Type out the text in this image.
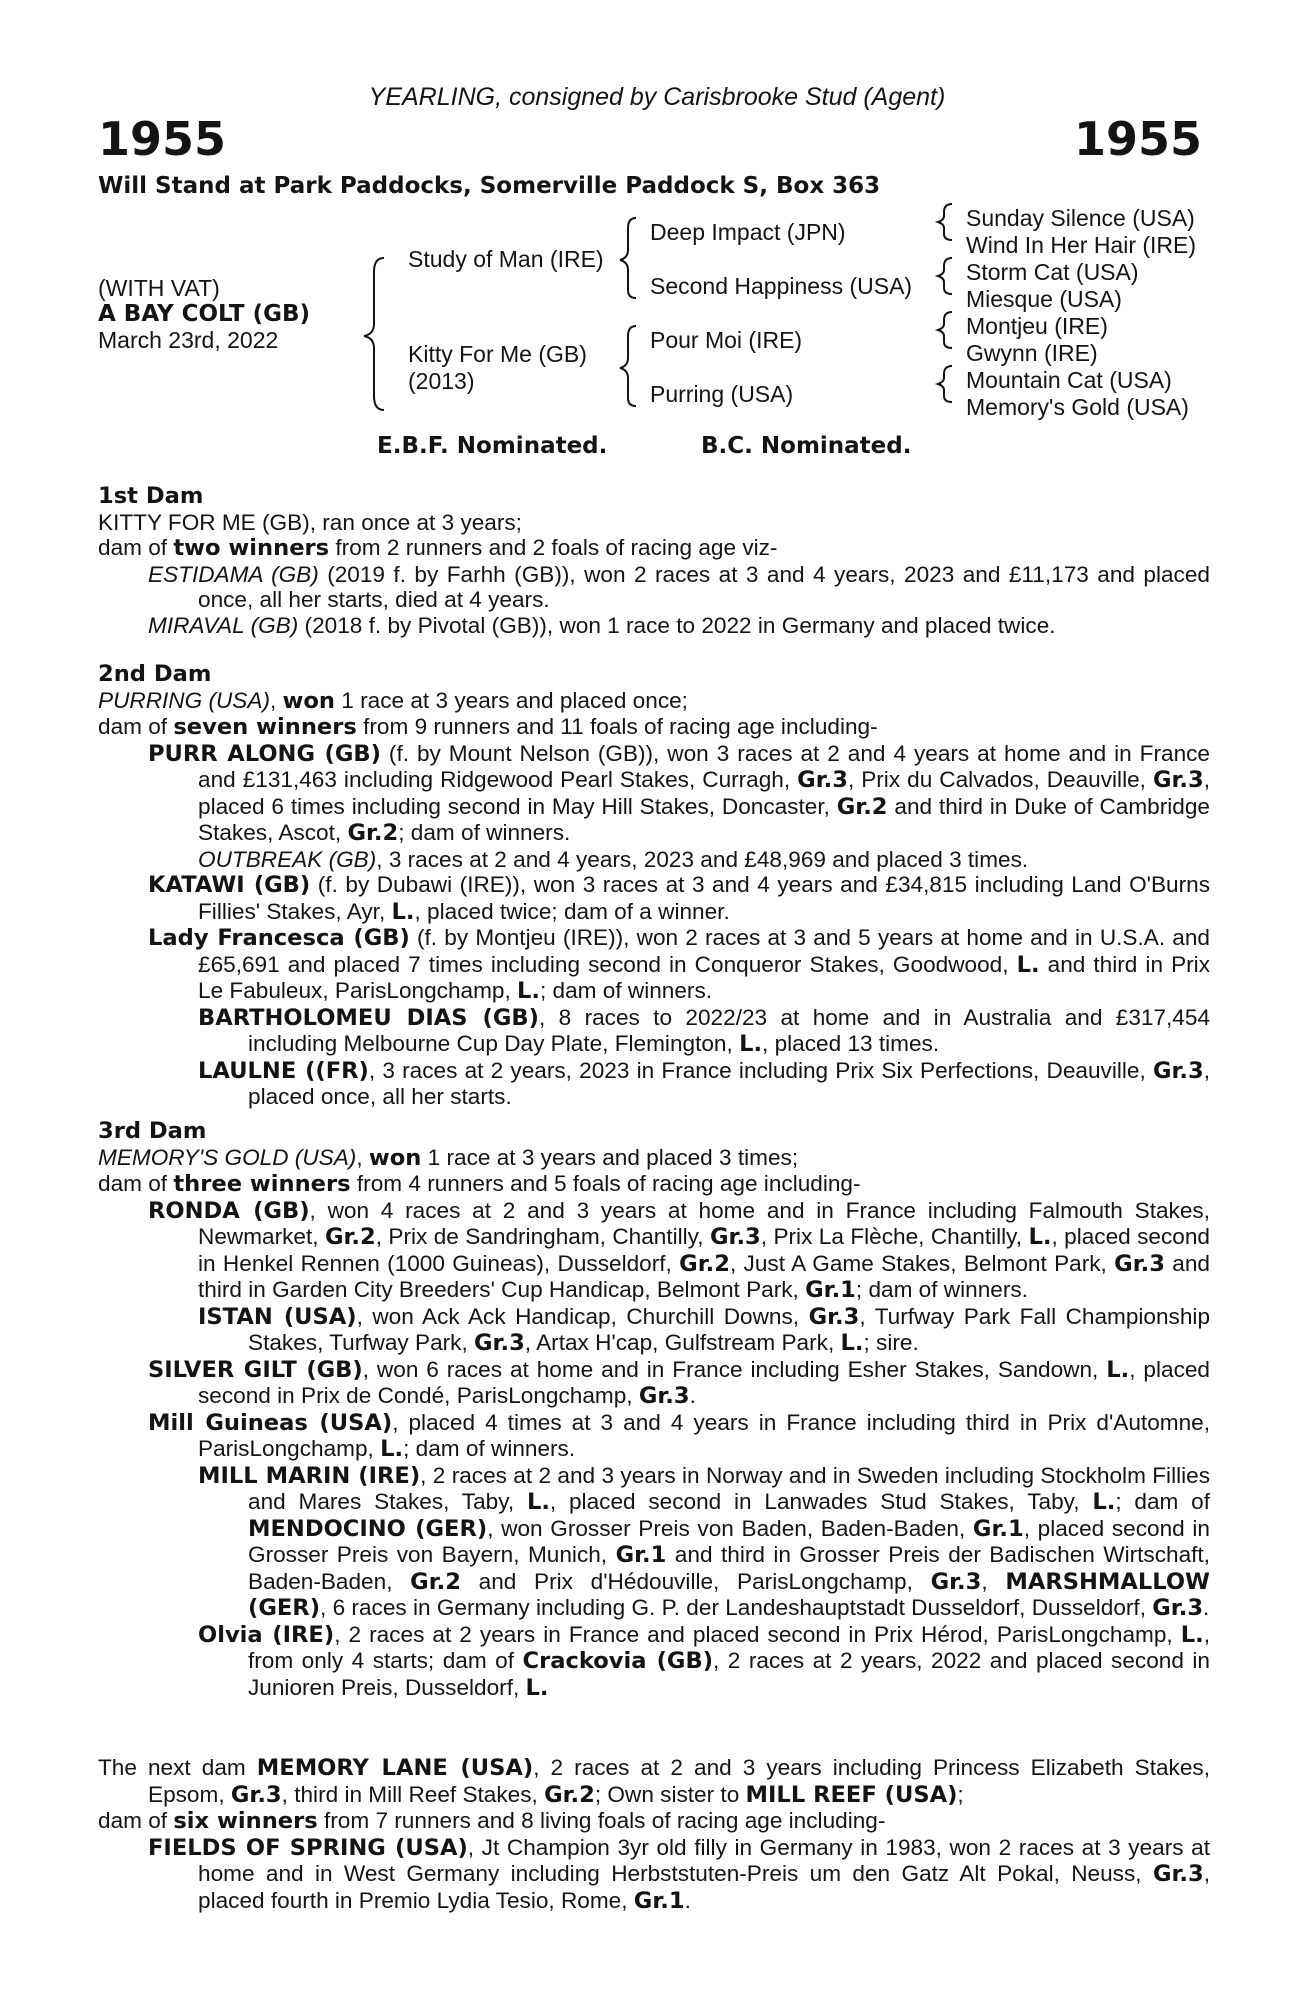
YEARLING, consigned by Carisbrooke Stud (Agent)
1955	1955
Will Stand at Park Paddocks, Somerville Paddock S, Box 363
(WITH VAT)
A BAY COLT (GB)
March 23rd, 2022
Study of Man (IRE)
Kitty For Me (GB)
(2013)
Deep Impact (JPN)
Second Happiness (USA)
Pour Moi (IRE)
Purring (USA)
Sunday Silence (USA)
Wind In Her Hair (IRE)
Storm Cat (USA)
Miesque (USA)
Montjeu (IRE)
Gwynn (IRE)
Mountain Cat (USA)
Memory's Gold (USA)
E.B.F. Nominated.	B.C. Nominated.

1st Dam

KITTY FOR ME (GB), ran once at 3 years;

dam of two winners from 2 runners and 2 foals of racing age viz-

ESTIDAMA (GB) (2019 f. by Farhh (GB)), won 2 races at 3 and 4 years, 2023 and £11,173 and placed once, all her starts, died at 4 years.

MIRAVAL (GB) (2018 f. by Pivotal (GB)), won 1 race to 2022 in Germany and placed twice.

2nd Dam

PURRING (USA), won 1 race at 3 years and placed once;

dam of seven winners from 9 runners and 11 foals of racing age including-

PURR ALONG (GB) (f. by Mount Nelson (GB)), won 3 races at 2 and 4 years at home and in France and £131,463 including Ridgewood Pearl Stakes, Curragh, Gr.3, Prix du Calvados, Deauville, Gr.3, placed 6 times including second in May Hill Stakes, Doncaster, Gr.2 and third in Duke of Cambridge Stakes, Ascot, Gr.2; dam of winners.

OUTBREAK (GB), 3 races at 2 and 4 years, 2023 and £48,969 and placed 3 times.

KATAWI (GB) (f. by Dubawi (IRE)), won 3 races at 3 and 4 years and £34,815 including Land O'Burns Fillies' Stakes, Ayr, L., placed twice; dam of a winner.

Lady Francesca (GB) (f. by Montjeu (IRE)), won 2 races at 3 and 5 years at home and in U.S.A. and £65,691 and placed 7 times including second in Conqueror Stakes, Goodwood, L. and third in Prix Le Fabuleux, ParisLongchamp, L.; dam of winners.

BARTHOLOMEU DIAS (GB), 8 races to 2022/23 at home and in Australia and £317,454 including Melbourne Cup Day Plate, Flemington, L., placed 13 times.

LAULNE ((FR), 3 races at 2 years, 2023 in France including Prix Six Perfections, Deauville, Gr.3, placed once, all her starts.

3rd Dam

MEMORY'S GOLD (USA), won 1 race at 3 years and placed 3 times;

dam of three winners from 4 runners and 5 foals of racing age including-

RONDA (GB), won 4 races at 2 and 3 years at home and in France including Falmouth Stakes, Newmarket, Gr.2, Prix de Sandringham, Chantilly, Gr.3, Prix La Flèche, Chantilly, L., placed second in Henkel Rennen (1000 Guineas), Dusseldorf, Gr.2, Just A Game Stakes, Belmont Park, Gr.3 and third in Garden City Breeders' Cup Handicap, Belmont Park, Gr.1; dam of winners.

ISTAN (USA), won Ack Ack Handicap, Churchill Downs, Gr.3, Turfway Park Fall Championship Stakes, Turfway Park, Gr.3, Artax H'cap, Gulfstream Park, L.; sire.

SILVER GILT (GB), won 6 races at home and in France including Esher Stakes, Sandown, L., placed second in Prix de Condé, ParisLongchamp, Gr.3.

Mill Guineas (USA), placed 4 times at 3 and 4 years in France including third in Prix d'Automne, ParisLongchamp, L.; dam of winners.

MILL MARIN (IRE), 2 races at 2 and 3 years in Norway and in Sweden including Stockholm Fillies and Mares Stakes, Taby, L., placed second in Lanwades Stud Stakes, Taby, L.; dam of MENDOCINO (GER), won Grosser Preis von Baden, Baden-Baden, Gr.1, placed second in Grosser Preis von Bayern, Munich, Gr.1 and third in Grosser Preis der Badischen Wirtschaft, Baden-Baden, Gr.2 and Prix d'Hédouville, ParisLongchamp, Gr.3, MARSHMALLOW (GER), 6 races in Germany including G. P. der Landeshauptstadt Dusseldorf, Dusseldorf, Gr.3.

Olvia (IRE), 2 races at 2 years in France and placed second in Prix Hérod, ParisLongchamp, L., from only 4 starts; dam of Crackovia (GB), 2 races at 2 years, 2022 and placed second in Junioren Preis, Dusseldorf, L.

The next dam MEMORY LANE (USA), 2 races at 2 and 3 years including Princess Elizabeth Stakes, Epsom, Gr.3, third in Mill Reef Stakes, Gr.2; Own sister to MILL REEF (USA);

dam of six winners from 7 runners and 8 living foals of racing age including-

FIELDS OF SPRING (USA), Jt Champion 3yr old filly in Germany in 1983, won 2 races at 3 years at home and in West Germany including Herbststuten-Preis um den Gatz Alt Pokal, Neuss, Gr.3, placed fourth in Premio Lydia Tesio, Rome, Gr.1.
